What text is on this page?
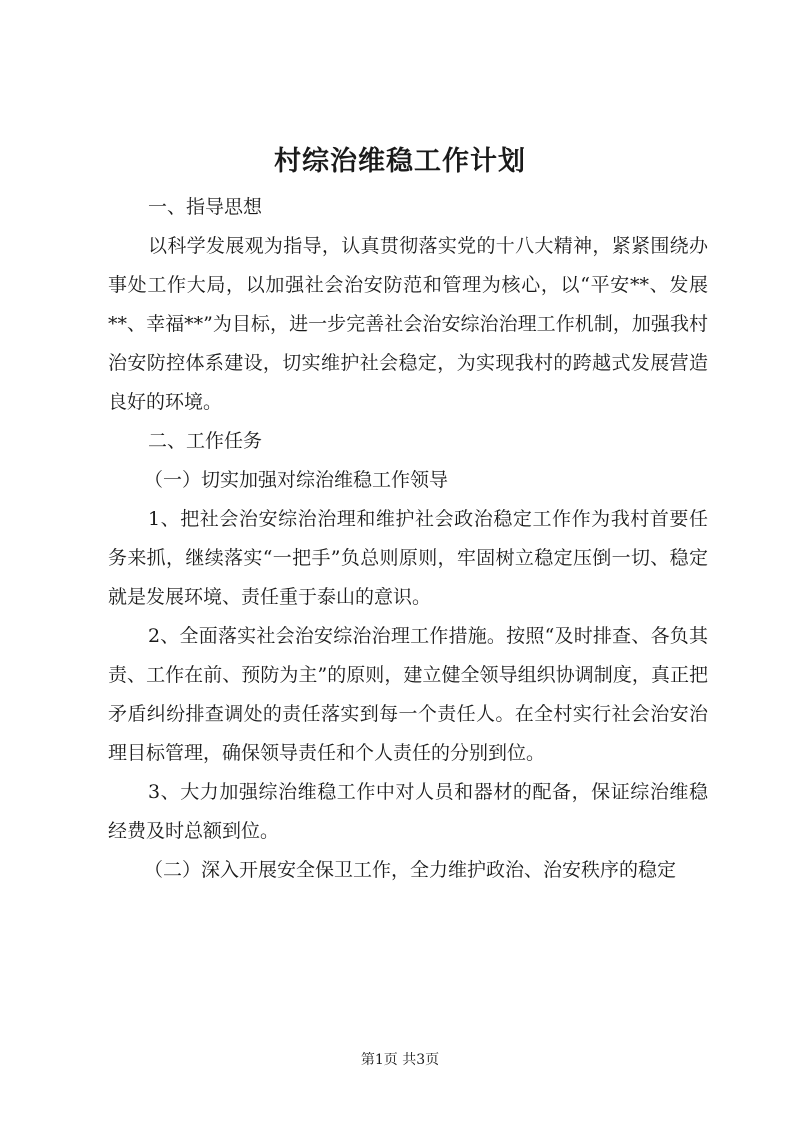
村综治维稳工作计划

一、指导思想

以科学发展观为指导，认真贯彻落实党的十八大精神，紧紧围绕办事处工作大局，以加强社会治安防范和管理为核心，以“平安**、发展**、幸福**”为目标，进一步完善社会治安综治治理工作机制，加强我村治安防控体系建设，切实维护社会稳定，为实现我村的跨越式发展营造良好的环境。

二、工作任务

（一）切实加强对综治维稳工作领导

1、把社会治安综治治理和维护社会政治稳定工作作为我村首要任务来抓，继续落实“一把手”负总则原则，牢固树立稳定压倒一切、稳定就是发展环境、责任重于泰山的意识。

2、全面落实社会治安综治治理工作措施。按照“及时排查、各负其责、工作在前、预防为主”的原则，建立健全领导组织协调制度，真正把矛盾纠纷排查调处的责任落实到每一个责任人。在全村实行社会治安治理目标管理，确保领导责任和个人责任的分别到位。

3、大力加强综治维稳工作中对人员和器材的配备，保证综治维稳经费及时总额到位。

（二）深入开展安全保卫工作，全力维护政治、治安秩序的稳定

第1页 共3页
